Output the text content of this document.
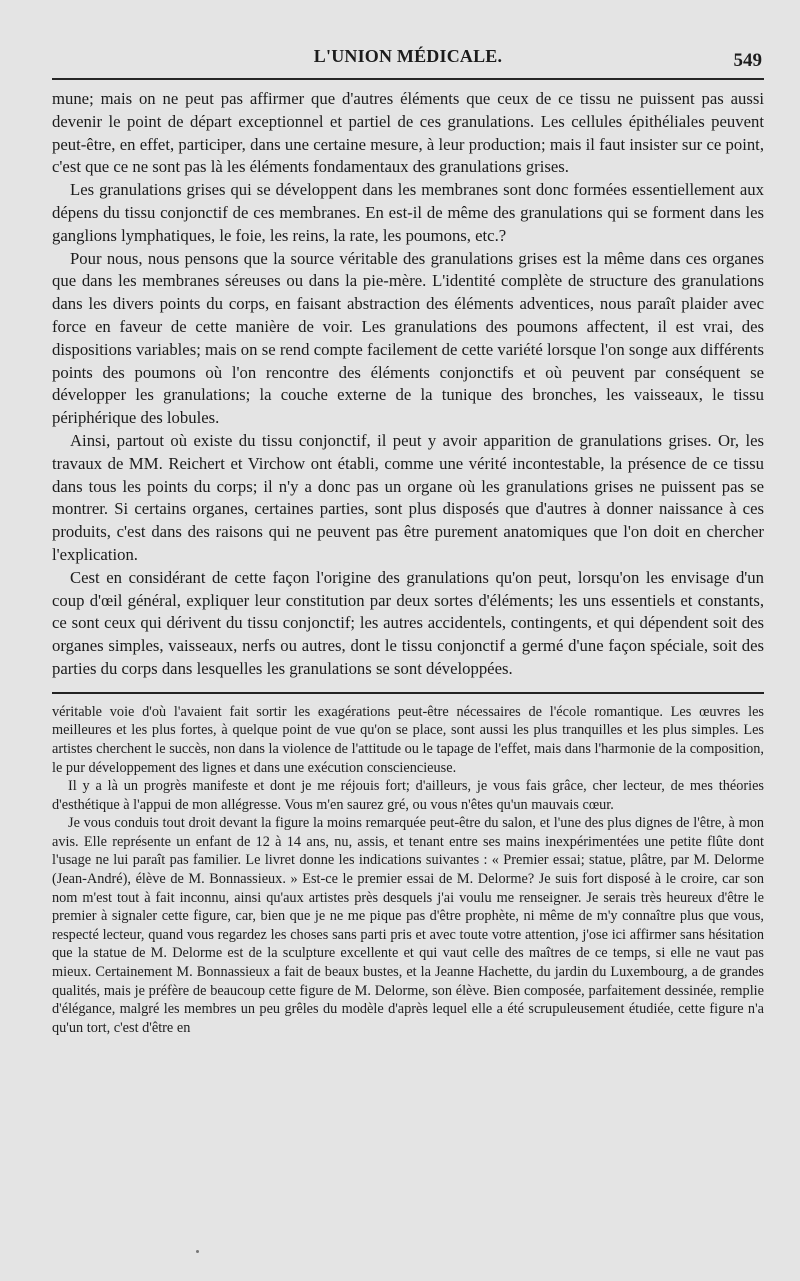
L'UNION MÉDICALE.	549

mune; mais on ne peut pas affirmer que d'autres éléments que ceux de ce tissu ne puissent pas aussi devenir le point de départ exceptionnel et partiel de ces granulations. Les cellules épithéliales peuvent peut-être, en effet, participer, dans une certaine mesure, à leur production; mais il faut insister sur ce point, c'est que ce ne sont pas là les éléments fondamentaux des granulations grises.

Les granulations grises qui se développent dans les membranes sont donc formées essentiellement aux dépens du tissu conjonctif de ces membranes. En est-il de même des granulations qui se forment dans les ganglions lymphatiques, le foie, les reins, la rate, les poumons, etc.?

Pour nous, nous pensons que la source véritable des granulations grises est la même dans ces organes que dans les membranes séreuses ou dans la pie-mère. L'identité complète de structure des granulations dans les divers points du corps, en faisant abstraction des éléments adventices, nous paraît plaider avec force en faveur de cette manière de voir. Les granulations des poumons affectent, il est vrai, des dispositions variables; mais on se rend compte facilement de cette variété lorsque l'on songe aux différents points des poumons où l'on rencontre des éléments conjonctifs et où peuvent par conséquent se développer les granulations; la couche externe de la tunique des bronches, les vaisseaux, le tissu périphérique des lobules.

Ainsi, partout où existe du tissu conjonctif, il peut y avoir apparition de granulations grises. Or, les travaux de MM. Reichert et Virchow ont établi, comme une vérité incontestable, la présence de ce tissu dans tous les points du corps; il n'y a donc pas un organe où les granulations grises ne puissent pas se montrer. Si certains organes, certaines parties, sont plus disposés que d'autres à donner naissance à ces produits, c'est dans des raisons qui ne peuvent pas être purement anatomiques que l'on doit en chercher l'explication.

Cest en considérant de cette façon l'origine des granulations qu'on peut, lorsqu'on les envisage d'un coup d'œil général, expliquer leur constitution par deux sortes d'éléments; les uns essentiels et constants, ce sont ceux qui dérivent du tissu conjonctif; les autres accidentels, contingents, et qui dépendent soit des organes simples, vaisseaux, nerfs ou autres, dont le tissu conjonctif a germé d'une façon spéciale, soit des parties du corps dans lesquelles les granulations se sont développées.

véritable voie d'où l'avaient fait sortir les exagérations peut-être nécessaires de l'école romantique. Les œuvres les meilleures et les plus fortes, à quelque point de vue qu'on se place, sont aussi les plus tranquilles et les plus simples. Les artistes cherchent le succès, non dans la violence de l'attitude ou le tapage de l'effet, mais dans l'harmonie de la composition, le pur développement des lignes et dans une exécution consciencieuse.

Il y a là un progrès manifeste et dont je me réjouis fort; d'ailleurs, je vous fais grâce, cher lecteur, de mes théories d'esthétique à l'appui de mon allégresse. Vous m'en saurez gré, ou vous n'êtes qu'un mauvais cœur.

Je vous conduis tout droit devant la figure la moins remarquée peut-être du salon, et l'une des plus dignes de l'être, à mon avis. Elle représente un enfant de 12 à 14 ans, nu, assis, et tenant entre ses mains inexpérimentées une petite flûte dont l'usage ne lui paraît pas familier. Le livret donne les indications suivantes : « Premier essai; statue, plâtre, par M. Delorme (Jean-André), élève de M. Bonnassieux. » Est-ce le premier essai de M. Delorme? Je suis fort disposé à le croire, car son nom m'est tout à fait inconnu, ainsi qu'aux artistes près desquels j'ai voulu me renseigner. Je serais très heureux d'être le premier à signaler cette figure, car, bien que je ne me pique pas d'être prophète, ni même de m'y connaître plus que vous, respecté lecteur, quand vous regardez les choses sans parti pris et avec toute votre attention, j'ose ici affirmer sans hésitation que la statue de M. Delorme est de la sculpture excellente et qui vaut celle des maîtres de ce temps, si elle ne vaut pas mieux. Certainement M. Bonnassieux a fait de beaux bustes, et la Jeanne Hachette, du jardin du Luxembourg, a de grandes qualités, mais je préfère de beaucoup cette figure de M. Delorme, son élève. Bien composée, parfaitement dessinée, remplie d'élégance, malgré les membres un peu grêles du modèle d'après lequel elle a été scrupuleusement étudiée, cette figure n'a qu'un tort, c'est d'être en
